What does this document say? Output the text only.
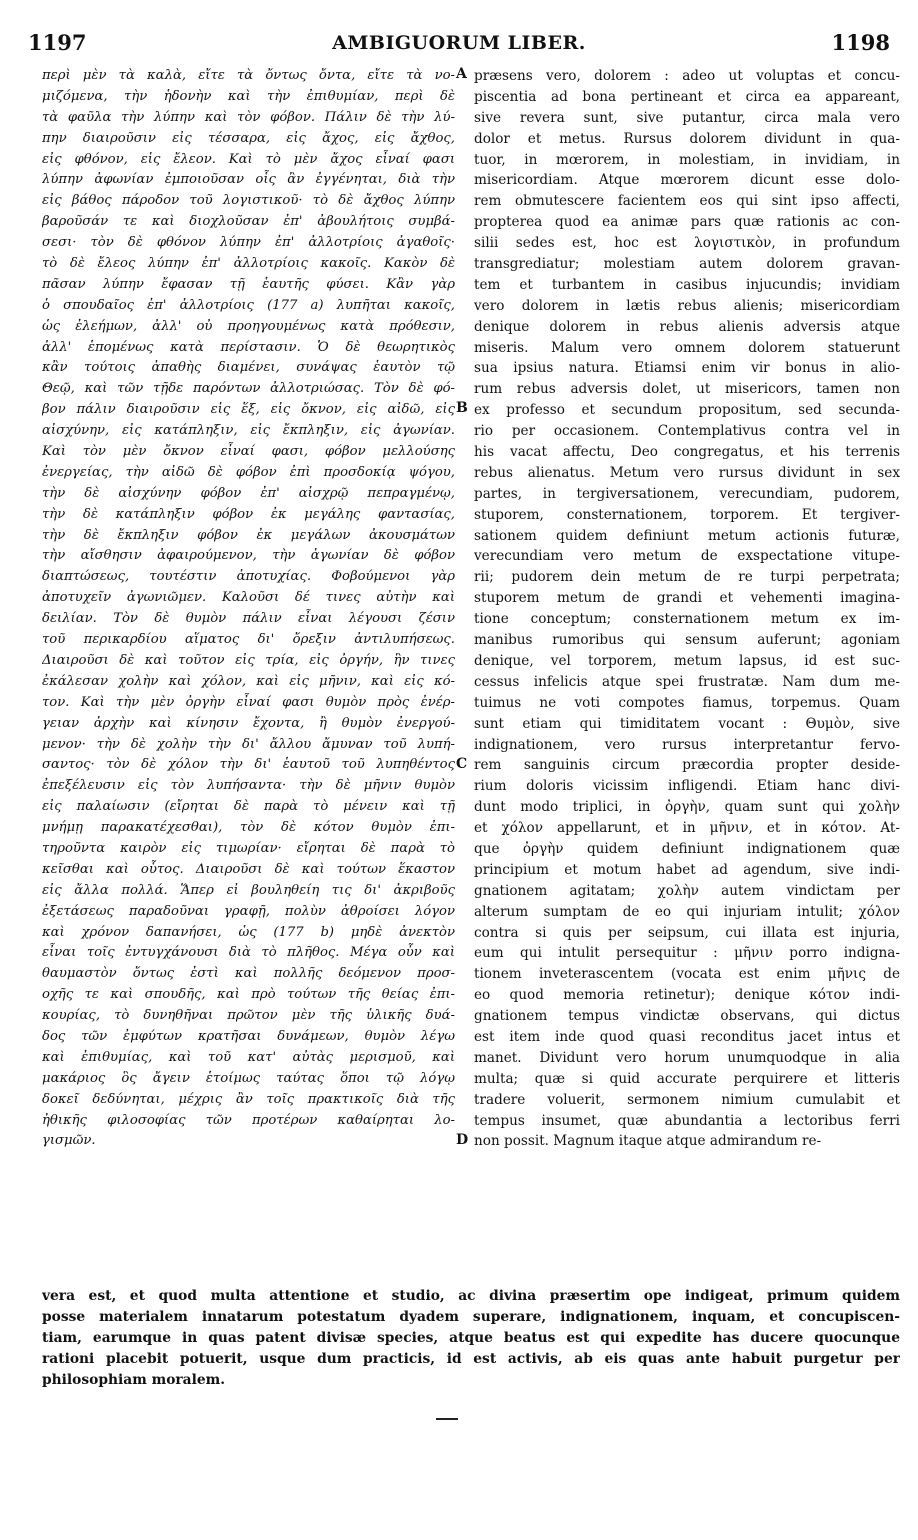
1197	AMBIGUORUM LIBER.	1198
περὶ μὲν τὰ καλὰ, εἴτε τὰ ὄντως ὄντα, εἴτε τὰ νο-
μιζόμενα, τὴν ἡδονὴν καὶ τὴν ἐπιθυμίαν, περὶ δὲ
τὰ φαῦλα τὴν λύπην καὶ τὸν φόβον. Πάλιν δὲ τὴν λύ-
πην διαιροῦσιν εἰς τέσσαρα, εἰς ἄχος, εἰς ἄχθος,
εἰς φθόνον, εἰς ἔλεον. Καὶ τὸ μὲν ἄχος εἶναί φασι
λύπην ἀφωνίαν ἐμποιοῦσαν οἷς ἂν ἐγγένηται, διὰ τὴν
εἰς βάθος πάροδον τοῦ λογιστικοῦ· τὸ δὲ ἄχθος λύπην
βαροῦσάν τε καὶ διοχλοῦσαν ἐπ' ἀβουλήτοις συμβά-
σεσι· τὸν δὲ φθόνον λύπην ἐπ' ἀλλοτρίοις ἀγαθοῖς·
τὸ δὲ ἔλεος λύπην ἐπ' ἀλλοτρίοις κακοῖς. Κακὸν δὲ
πᾶσαν λύπην ἔφασαν τῇ ἑαυτῆς φύσει. Κἂν γὰρ
ὁ σπουδαῖος ἐπ' ἀλλοτρίοις (177 a) λυπῆται κακοῖς,
ὡς ἐλεήμων, ἀλλ' οὐ προηγουμένως κατὰ πρόθεσιν,
ἀλλ' ἑπομένως κατὰ περίστασιν. Ὁ δὲ θεωρητικὸς
κἂν τούτοις ἀπαθὴς διαμένει, συνάψας ἑαυτὸν τῷ
Θεῷ, καὶ τῶν τῇδε παρόντων ἀλλοτριώσας. Τὸν δὲ φό-
βον πάλιν διαιροῦσιν εἰς ἕξ, εἰς ὄκνον, εἰς αἰδῶ, εἰς
αἰσχύνην, εἰς κατάπληξιν, εἰς ἔκπληξιν, εἰς ἀγωνίαν.
Καὶ τὸν μὲν ὄκνον εἶναί φασι, φόβον μελλούσης
ἐνεργείας, τὴν αἰδῶ δὲ φόβον ἐπὶ προσδοκίᾳ ψόγου,
τὴν δὲ αἰσχύνην φόβον ἐπ' αἰσχρῷ πεπραγμένῳ,
τὴν δὲ κατάπληξιν φόβον ἐκ μεγάλης φαντασίας,
τὴν δὲ ἔκπληξιν φόβον ἐκ μεγάλων ἀκουσμάτων
τὴν αἴσθησιν ἀφαιρούμενον, τὴν ἀγωνίαν δὲ φόβον
διαπτώσεως, τουτέστιν ἀποτυχίας. Φοβούμενοι γὰρ
ἀποτυχεῖν ἀγωνιῶμεν. Καλοῦσι δέ τινες αὐτὴν καὶ
δειλίαν. Τὸν δὲ θυμὸν πάλιν εἶναι λέγουσι ζέσιν
τοῦ περικαρδίου αἵματος δι' ὄρεξιν ἀντιλυπήσεως.
Διαιροῦσι δὲ καὶ τοῦτον εἰς τρία, εἰς ὀργήν, ἣν τινες
ἐκάλεσαν χολὴν καὶ χόλον, καὶ εἰς μῆνιν, καὶ εἰς κό-
τον. Καὶ τὴν μὲν ὀργὴν εἶναί φασι θυμὸν πρὸς ἐνέρ-
γειαν ἀρχὴν καὶ κίνησιν ἔχοντα, ἢ θυμὸν ἐνεργού-
μενον· τὴν δὲ χολὴν τὴν δι' ἄλλου ἄμυναν τοῦ λυπή-
σαντος· τὸν δὲ χόλον τὴν δι' ἑαυτοῦ τοῦ λυπηθέντος
ἐπεξέλευσιν εἰς τὸν λυπήσαντα· τὴν δὲ μῆνιν θυμὸν
εἰς παλαίωσιν (εἴρηται δὲ παρὰ τὸ μένειν καὶ τῇ
μνήμῃ παρακατέχεσθαι), τὸν δὲ κότον θυμὸν ἐπι-
τηροῦντα καιρὸν εἰς τιμωρίαν· εἴρηται δὲ παρὰ τὸ
κεῖσθαι καὶ οὗτος. Διαιροῦσι δὲ καὶ τούτων ἕκαστον
εἰς ἄλλα πολλά. Ἅπερ εἰ βουληθείη τις δι' ἀκριβοῦς
ἐξετάσεως παραδοῦναι γραφῇ, πολὺν ἀθροίσει λόγον
καὶ χρόνον δαπανήσει, ὡς (177 b) μηδὲ ἀνεκτὸν
εἶναι τοῖς ἐντυγχάνουσι διὰ τὸ πλῆθος. Μέγα οὖν καὶ
θαυμαστὸν ὄντως ἐστὶ καὶ πολλῆς δεόμενον προσ-
οχῆς τε καὶ σπουδῆς, καὶ πρὸ τούτων τῆς θείας ἐπι-
κουρίας, τὸ δυνηθῆναι πρῶτον μὲν τῆς ὑλικῆς δυά-
δος τῶν ἐμφύτων κρατῆσαι δυνάμεων, θυμὸν λέγω
καὶ ἐπιθυμίας, καὶ τοῦ κατ' αὐτὰς μερισμοῦ, καὶ
μακάριος ὃς ἄγειν ἑτοίμως ταύτας ὅποι τῷ λόγῳ
δοκεῖ δεδύνηται, μέχρις ἂν τοῖς πρακτικοῖς διὰ τῆς
ἠθικῆς φιλοσοφίας τῶν προτέρων καθαίρηται λο-
γισμῶν.
A
B
C
D
præsens vero, dolorem : adeo ut voluptas et concu-
piscentia ad bona pertineant et circa ea appareant,
sive revera sunt, sive putantur, circa mala vero
dolor et metus. Rursus dolorem dividunt in qua-
tuor, in mœrorem, in molestiam, in invidiam, in
misericordiam. Atque mœrorem dicunt esse dolo-
rem obmutescere facientem eos qui sint ipso affecti,
propterea quod ea animæ pars quæ rationis ac con-
silii sedes est, hoc est λογιστικὸν, in profundum
transgrediatur; molestiam autem dolorem gravan-
tem et turbantem in casibus injucundis; invidiam
vero dolorem in lætis rebus alienis; misericordiam
denique dolorem in rebus alienis adversis atque
miseris. Malum vero omnem dolorem statuerunt
sua ipsius natura. Etiamsi enim vir bonus in alio-
rum rebus adversis dolet, ut misericors, tamen non
ex professo et secundum propositum, sed secunda-
rio per occasionem. Contemplativus contra vel in
his vacat affectu, Deo congregatus, et his terrenis
rebus alienatus. Metum vero rursus dividunt in sex
partes, in tergiversationem, verecundiam, pudorem,
stuporem, consternationem, torporem. Et tergiver-
sationem quidem definiunt metum actionis futuræ,
verecundiam vero metum de exspectatione vitupe-
rii; pudorem dein metum de re turpi perpetrata;
stuporem metum de grandi et vehementi imagina-
tione conceptum; consternationem metum ex im-
manibus rumoribus qui sensum auferunt; agoniam
denique, vel torporem, metum lapsus, id est suc-
cessus infelicis atque spei frustratæ. Nam dum me-
tuimus ne voti compotes fiamus, torpemus. Quam
sunt etiam qui timiditatem vocant : Θυμὸν, sive
indignationem, vero rursus interpretantur fervo-
rem sanguinis circum præcordia propter deside-
rium doloris vicissim infligendi. Etiam hanc divi-
dunt modo triplici, in ὀργὴν, quam sunt qui χολὴν
et χόλον appellarunt, et in μῆνιν, et in κότον. At-
que ὀργὴν quidem definiunt indignationem quæ
principium et motum habet ad agendum, sive indi-
gnationem agitatam; χολὴν autem vindictam per
alterum sumptam de eo qui injuriam intulit; χόλον
contra si quis per seipsum, cui illata est injuria,
eum qui intulit persequitur : μῆνιν porro indigna-
tionem inveterascentem (vocata est enim μῆνις de
eo quod memoria retinetur); denique κότον indi-
gnationem tempus vindictæ observans, qui dictus
est item inde quod quasi reconditus jacet intus et
manet. Dividunt vero horum unumquodque in alia
multa; quæ si quid accurate perquirere et litteris
tradere voluerit, sermonem nimium cumulabit et
tempus insumet, quæ abundantia a lectoribus ferri
non possit. Magnum itaque atque admirandum re-
vera est, et quod multa attentione et studio, ac divina præsertim ope indigeat, primum quidem
posse materialem innatarum potestatum dyadem superare, indignationem, inquam, et concupiscen-
tiam, earumque in quas patent divisæ species, atque beatus est qui expedite has ducere quocunque
rationi placebit potuerit, usque dum practicis, id est activis, ab eis quas ante habuit purgetur per
philosophiam moralem.
